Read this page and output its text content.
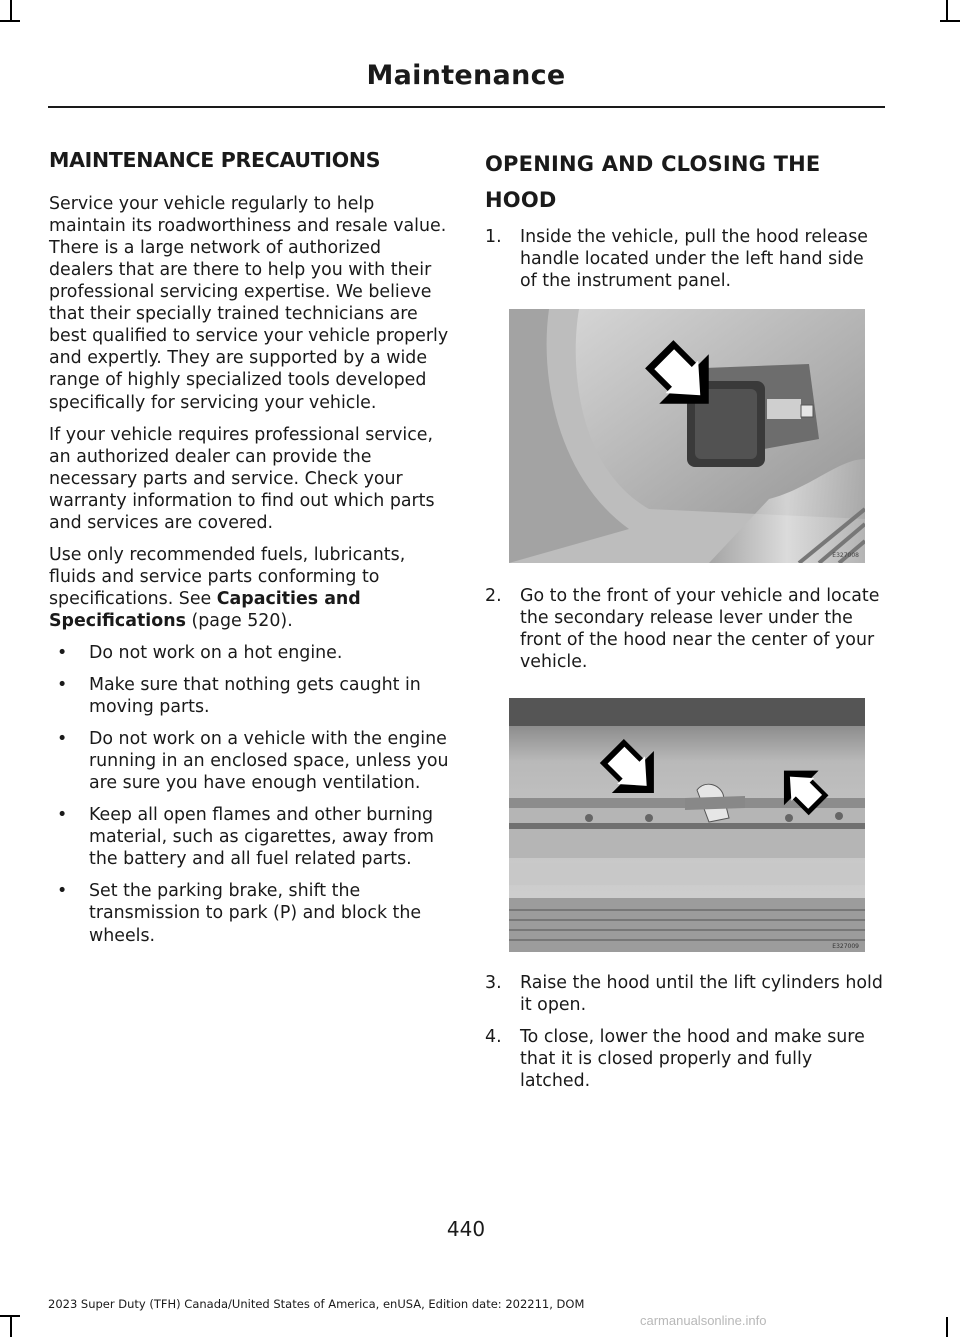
Maintenance
MAINTENANCE PRECAUTIONS

Service your vehicle regularly to help maintain its roadworthiness and resale value. There is a large network of authorized dealers that are there to help you with their professional servicing expertise. We believe that their specially trained technicians are best qualified to service your vehicle properly and expertly. They are supported by a wide range of highly specialized tools developed specifically for servicing your vehicle.

If your vehicle requires professional service, an authorized dealer can provide the necessary parts and service. Check your warranty information to find out which parts and services are covered.

Use only recommended fuels, lubricants, fluids and service parts conforming to specifications. See Capacities and Specifications (page 520).

• Do not work on a hot engine.
• Make sure that nothing gets caught in moving parts.
• Do not work on a vehicle with the engine running in an enclosed space, unless you are sure you have enough ventilation.
• Keep all open flames and other burning material, such as cigarettes, away from the battery and all fuel related parts.
• Set the parking brake, shift the transmission to park (P) and block the wheels.
OPENING AND CLOSING THE HOOD
1. Inside the vehicle, pull the hood release handle located under the left hand side of the instrument panel.
E327008
2. Go to the front of your vehicle and locate the secondary release lever under the front of the hood near the center of your vehicle.
E327009
3. Raise the hood until the lift cylinders hold it open.
4. To close, lower the hood and make sure that it is closed properly and fully latched.
440
2023 Super Duty (TFH) Canada/United States of America, enUSA, Edition date: 202211, DOM
carmanualsonline.info
